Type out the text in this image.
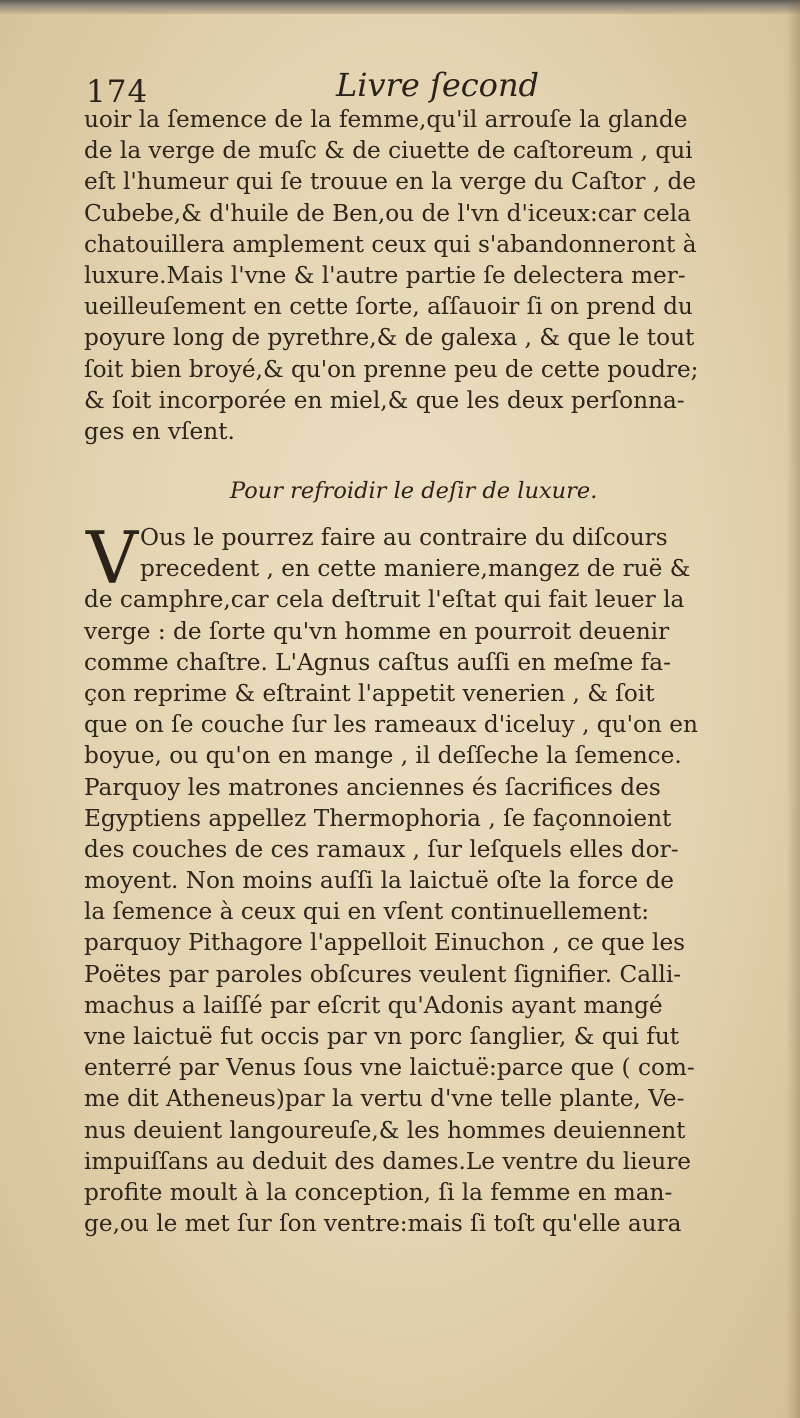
174	Livre ſecond
uoir la ſemence de la femme,qu'il arrouſe la glande
de la verge de muſc & de ciuette de caſtoreum , qui
eſt l'humeur qui ſe trouue en la verge du Caſtor , de
Cubebe,& d'huile de Ben,ou de l'vn d'iceux:car cela
chatouillera amplement ceux qui s'abandonneront à
luxure.Mais l'vne & l'autre partie ſe delectera mer-
ueilleuſement en cette ſorte, aſſauoir ſi on prend du
poyure long de pyrethre,& de galexa , & que le tout
ſoit bien broyé,& qu'on prenne peu de cette poudre;
& ſoit incorporée en miel,& que les deux perſonna-
ges en vſent.
Pour refroidir le deſir de luxure.
V Ous le pourrez faire au contraire du diſcours
precedent , en cette maniere,mangez de ruë &
de camphre,car cela deſtruit l'eſtat qui fait leuer la
verge : de ſorte qu'vn homme en pourroit deuenir
comme chaſtre. L'Agnus caſtus auſſi en meſme fa-
çon reprime & eſtraint l'appetit venerien , & ſoit
que on ſe couche ſur les rameaux d'iceluy , qu'on en
boyue, ou qu'on en mange , il deſſeche la ſemence.
Parquoy les matrones anciennes és ſacrifices des
Egyptiens appellez Thermophoria , ſe façonnoient
des couches de ces ramaux , ſur leſquels elles dor-
moyent. Non moins auſſi la laictuë oſte la force de
la ſemence à ceux qui en vſent continuellement:
parquoy Pithagore l'appelloit Einuchon , ce que les
Poëtes par paroles obſcures veulent ſignifier. Calli-
machus a laiſſé par eſcrit qu'Adonis ayant mangé
vne laictuë fut occis par vn porc ſanglier, & qui fut
enterré par Venus ſous vne laictuë:parce que ( com-
me dit Atheneus)par la vertu d'vne telle plante, Ve-
nus deuient langoureuſe,& les hommes deuiennent
impuiſſans au deduit des dames.Le ventre du lieure
profite moult à la conception, ſi la femme en man-
ge,ou le met ſur ſon ventre:mais ſi toſt qu'elle aura
